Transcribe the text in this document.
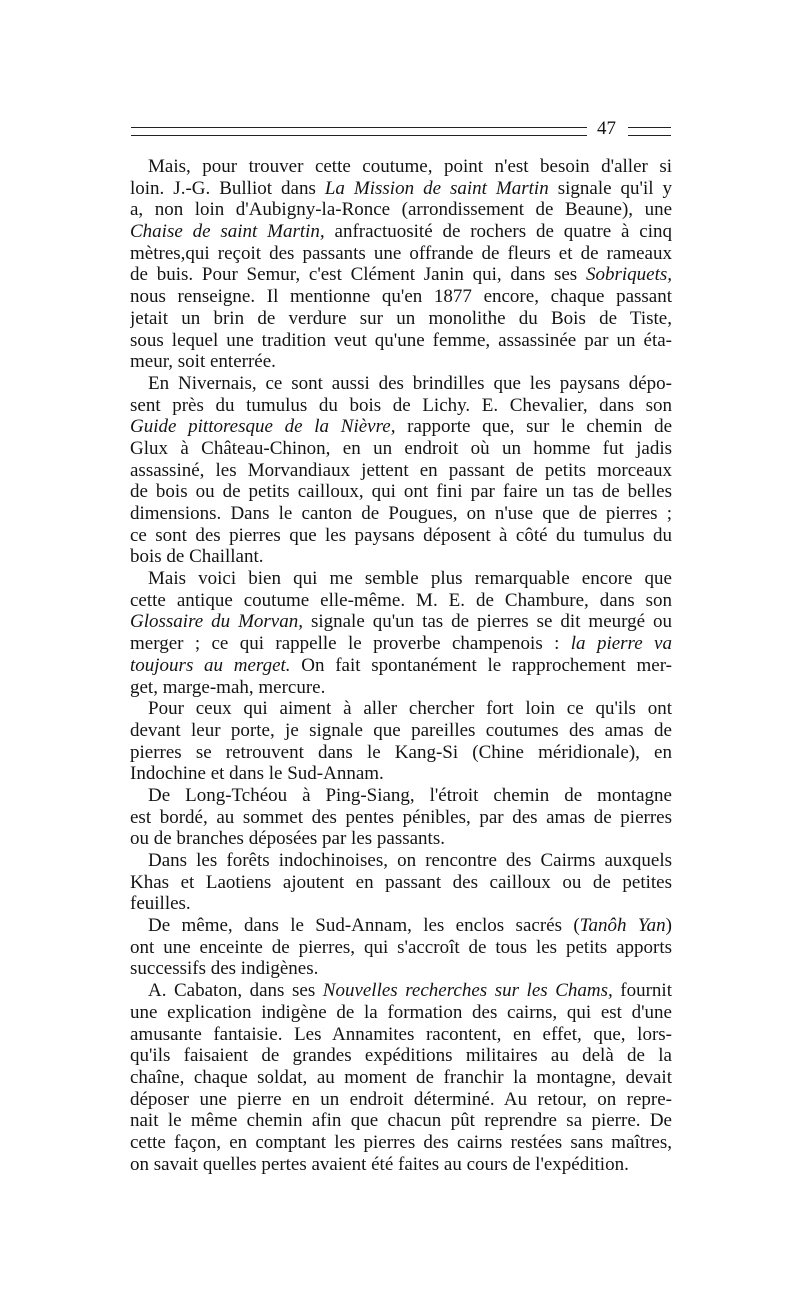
47
Mais, pour trouver cette coutume, point n'est besoin d'aller si
loin. J.-G. Bulliot dans La Mission de saint Martin signale qu'il y
a, non loin d'Aubigny-la-Ronce (arrondissement de Beaune), une
Chaise de saint Martin, anfractuosité de rochers de quatre à cinq
mètres,qui reçoit des passants une offrande de fleurs et de rameaux
de buis. Pour Semur, c'est Clément Janin qui, dans ses Sobriquets,
nous renseigne. Il mentionne qu'en 1877 encore, chaque passant
jetait un brin de verdure sur un monolithe du Bois de Tiste,
sous lequel une tradition veut qu'une femme, assassinée par un éta-
meur, soit enterrée.
En Nivernais, ce sont aussi des brindilles que les paysans dépo-
sent près du tumulus du bois de Lichy. E. Chevalier, dans son
Guide pittoresque de la Nièvre, rapporte que, sur le chemin de
Glux à Château-Chinon, en un endroit où un homme fut jadis
assassiné, les Morvandiaux jettent en passant de petits morceaux
de bois ou de petits cailloux, qui ont fini par faire un tas de belles
dimensions. Dans le canton de Pougues, on n'use que de pierres ;
ce sont des pierres que les paysans déposent à côté du tumulus du
bois de Chaillant.
Mais voici bien qui me semble plus remarquable encore que
cette antique coutume elle-même. M. E. de Chambure, dans son
Glossaire du Morvan, signale qu'un tas de pierres se dit meurgé ou
merger ; ce qui rappelle le proverbe champenois : la pierre va
toujours au merget. On fait spontanément le rapprochement mer-
get, marge-mah, mercure.
Pour ceux qui aiment à aller chercher fort loin ce qu'ils ont
devant leur porte, je signale que pareilles coutumes des amas de
pierres se retrouvent dans le Kang-Si (Chine méridionale), en
Indochine et dans le Sud-Annam.
De Long-Tchéou à Ping-Siang, l'étroit chemin de montagne
est bordé, au sommet des pentes pénibles, par des amas de pierres
ou de branches déposées par les passants.
Dans les forêts indochinoises, on rencontre des Cairms auxquels
Khas et Laotiens ajoutent en passant des cailloux ou de petites
feuilles.
De même, dans le Sud-Annam, les enclos sacrés (Tanôh Yan)
ont une enceinte de pierres, qui s'accroît de tous les petits apports
successifs des indigènes.
A. Cabaton, dans ses Nouvelles recherches sur les Chams, fournit
une explication indigène de la formation des cairns, qui est d'une
amusante fantaisie. Les Annamites racontent, en effet, que, lors-
qu'ils faisaient de grandes expéditions militaires au delà de la
chaîne, chaque soldat, au moment de franchir la montagne, devait
déposer une pierre en un endroit déterminé. Au retour, on repre-
nait le même chemin afin que chacun pût reprendre sa pierre. De
cette façon, en comptant les pierres des cairns restées sans maîtres,
on savait quelles pertes avaient été faites au cours de l'expédition.
